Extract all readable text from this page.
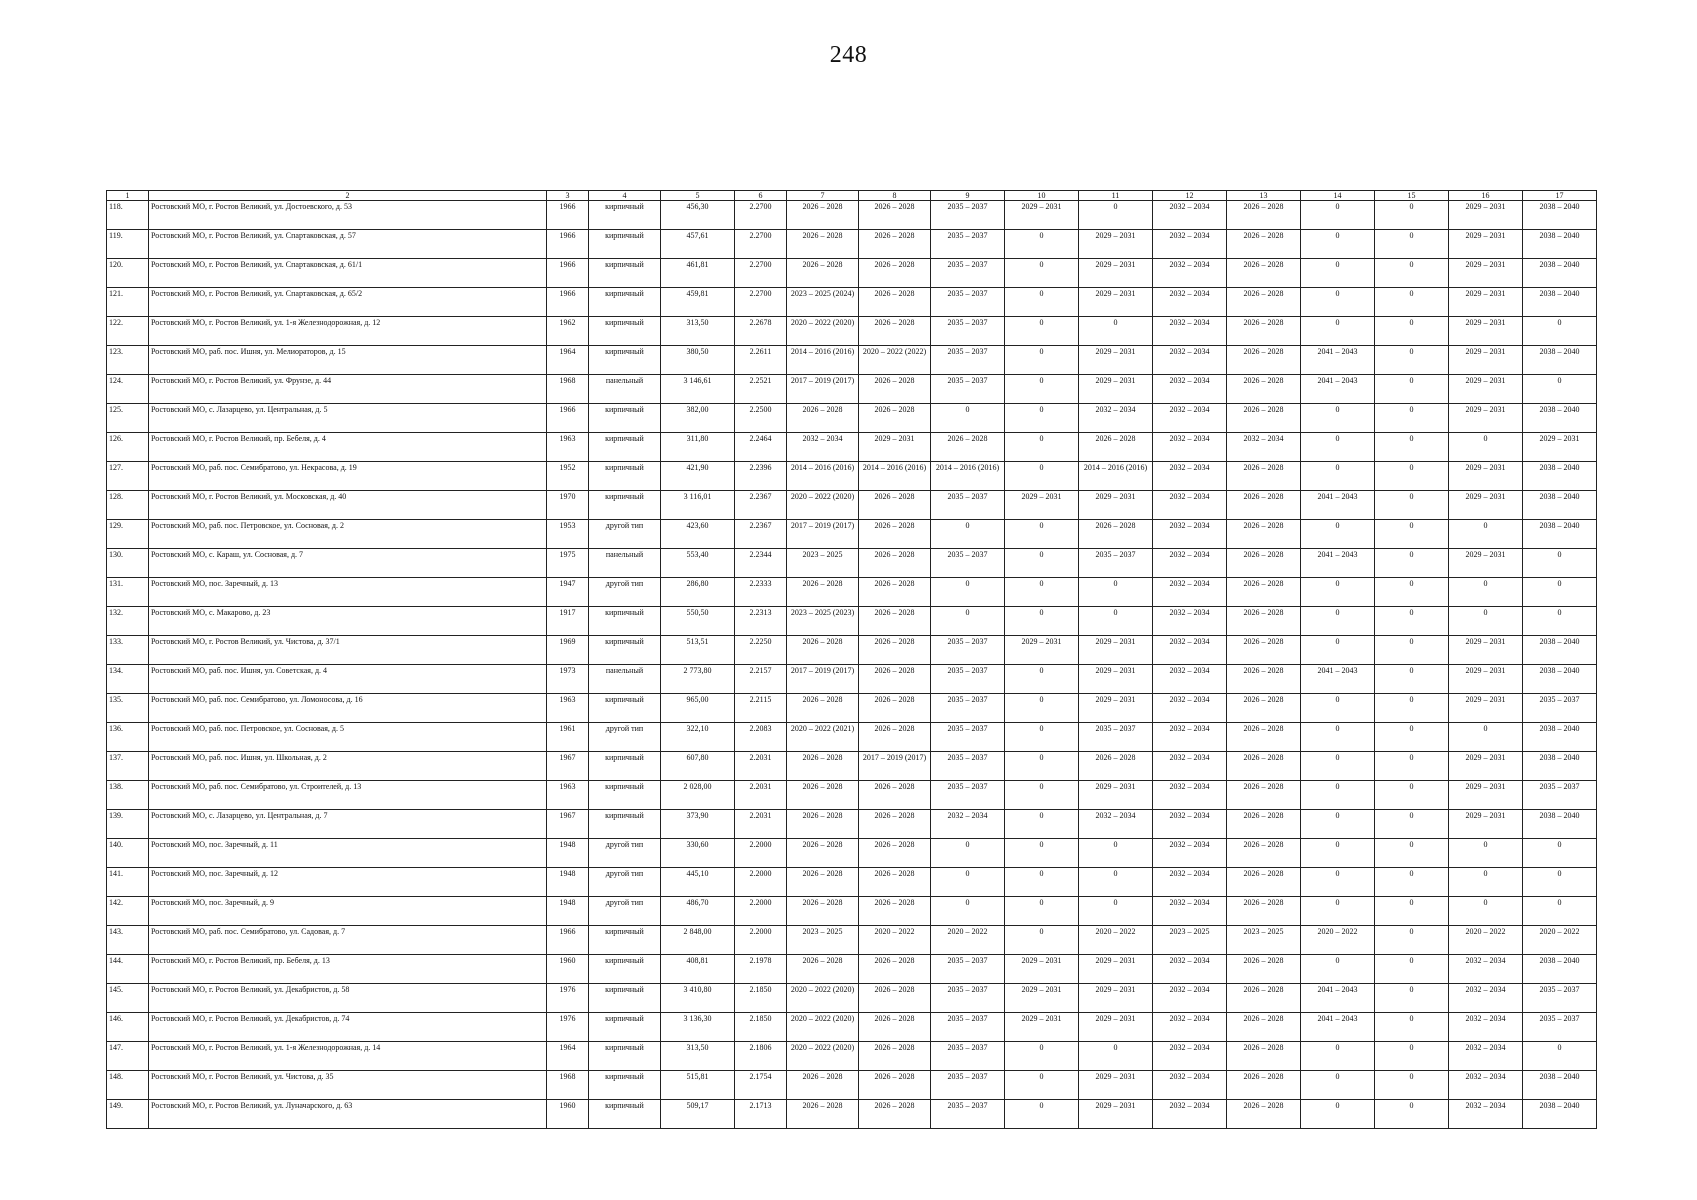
248
1	2	3	4	5	6	7	8	9	10	11	12	13	14	15	16	17
118.	Ростовский МО, г. Ростов Великий, ул. Достоевского, д. 53	1966	кирпичный	456,30	2.2700	2026 – 2028	2026 – 2028	2035 – 2037	2029 – 2031	0	2032 – 2034	2026 – 2028	0	0	2029 – 2031	2038 – 2040
119.	Ростовский МО, г. Ростов Великий, ул. Спартаковская, д. 57	1966	кирпичный	457,61	2.2700	2026 – 2028	2026 – 2028	2035 – 2037	0	2029 – 2031	2032 – 2034	2026 – 2028	0	0	2029 – 2031	2038 – 2040
120.	Ростовский МО, г. Ростов Великий, ул. Спартаковская, д. 61/1	1966	кирпичный	461,81	2.2700	2026 – 2028	2026 – 2028	2035 – 2037	0	2029 – 2031	2032 – 2034	2026 – 2028	0	0	2029 – 2031	2038 – 2040
121.	Ростовский МО, г. Ростов Великий, ул. Спартаковская, д. 65/2	1966	кирпичный	459,81	2.2700	2023 – 2025 (2024)	2026 – 2028	2035 – 2037	0	2029 – 2031	2032 – 2034	2026 – 2028	0	0	2029 – 2031	2038 – 2040
122.	Ростовский МО, г. Ростов Великий, ул. 1-я Железнодорожная, д. 12	1962	кирпичный	313,50	2.2678	2020 – 2022 (2020)	2026 – 2028	2035 – 2037	0	0	2032 – 2034	2026 – 2028	0	0	2029 – 2031	0
123.	Ростовский МО, раб. пос. Ишня, ул. Мелиораторов, д. 15	1964	кирпичный	380,50	2.2611	2014 – 2016 (2016)	2020 – 2022 (2022)	2035 – 2037	0	2029 – 2031	2032 – 2034	2026 – 2028	2041 – 2043	0	2029 – 2031	2038 – 2040
124.	Ростовский МО, г. Ростов Великий, ул. Фрунзе, д. 44	1968	панельный	3 146,61	2.2521	2017 – 2019 (2017)	2026 – 2028	2035 – 2037	0	2029 – 2031	2032 – 2034	2026 – 2028	2041 – 2043	0	2029 – 2031	0
125.	Ростовский МО, с. Лазарцево, ул. Центральная, д. 5	1966	кирпичный	382,00	2.2500	2026 – 2028	2026 – 2028	0	0	2032 – 2034	2032 – 2034	2026 – 2028	0	0	2029 – 2031	2038 – 2040
126.	Ростовский МО, г. Ростов Великий, пр. Бебеля, д. 4	1963	кирпичный	311,80	2.2464	2032 – 2034	2029 – 2031	2026 – 2028	0	2026 – 2028	2032 – 2034	2032 – 2034	0	0	0	2029 – 2031
127.	Ростовский МО, раб. пос. Семибратово, ул. Некрасова, д. 19	1952	кирпичный	421,90	2.2396	2014 – 2016 (2016)	2014 – 2016 (2016)	2014 – 2016 (2016)	0	2014 – 2016 (2016)	2032 – 2034	2026 – 2028	0	0	2029 – 2031	2038 – 2040
128.	Ростовский МО, г. Ростов Великий, ул. Московская, д. 40	1970	кирпичный	3 116,01	2.2367	2020 – 2022 (2020)	2026 – 2028	2035 – 2037	2029 – 2031	2029 – 2031	2032 – 2034	2026 – 2028	2041 – 2043	0	2029 – 2031	2038 – 2040
129.	Ростовский МО, раб. пос. Петровское, ул. Сосновая, д. 2	1953	другой тип	423,60	2.2367	2017 – 2019 (2017)	2026 – 2028	0	0	2026 – 2028	2032 – 2034	2026 – 2028	0	0	0	2038 – 2040
130.	Ростовский МО, с. Караш, ул. Сосновая, д. 7	1975	панельный	553,40	2.2344	2023 – 2025	2026 – 2028	2035 – 2037	0	2035 – 2037	2032 – 2034	2026 – 2028	2041 – 2043	0	2029 – 2031	0
131.	Ростовский МО, пос. Заречный, д. 13	1947	другой тип	286,80	2.2333	2026 – 2028	2026 – 2028	0	0	0	2032 – 2034	2026 – 2028	0	0	0	0
132.	Ростовский МО, с. Макарово, д. 23	1917	кирпичный	550,50	2.2313	2023 – 2025 (2023)	2026 – 2028	0	0	0	2032 – 2034	2026 – 2028	0	0	0	0
133.	Ростовский МО, г. Ростов Великий, ул. Чистова, д. 37/1	1969	кирпичный	513,51	2.2250	2026 – 2028	2026 – 2028	2035 – 2037	2029 – 2031	2029 – 2031	2032 – 2034	2026 – 2028	0	0	2029 – 2031	2038 – 2040
134.	Ростовский МО, раб. пос. Ишня, ул. Советская, д. 4	1973	панельный	2 773,80	2.2157	2017 – 2019 (2017)	2026 – 2028	2035 – 2037	0	2029 – 2031	2032 – 2034	2026 – 2028	2041 – 2043	0	2029 – 2031	2038 – 2040
135.	Ростовский МО, раб. пос. Семибратово, ул. Ломоносова, д. 16	1963	кирпичный	965,00	2.2115	2026 – 2028	2026 – 2028	2035 – 2037	0	2029 – 2031	2032 – 2034	2026 – 2028	0	0	2029 – 2031	2035 – 2037
136.	Ростовский МО, раб. пос. Петровское, ул. Сосновая, д. 5	1961	другой тип	322,10	2.2083	2020 – 2022 (2021)	2026 – 2028	2035 – 2037	0	2035 – 2037	2032 – 2034	2026 – 2028	0	0	0	2038 – 2040
137.	Ростовский МО, раб. пос. Ишня, ул. Школьная, д. 2	1967	кирпичный	607,80	2.2031	2026 – 2028	2017 – 2019 (2017)	2035 – 2037	0	2026 – 2028	2032 – 2034	2026 – 2028	0	0	2029 – 2031	2038 – 2040
138.	Ростовский МО, раб. пос. Семибратово, ул. Строителей, д. 13	1963	кирпичный	2 028,00	2.2031	2026 – 2028	2026 – 2028	2035 – 2037	0	2029 – 2031	2032 – 2034	2026 – 2028	0	0	2029 – 2031	2035 – 2037
139.	Ростовский МО, с. Лазарцево, ул. Центральная, д. 7	1967	кирпичный	373,90	2.2031	2026 – 2028	2026 – 2028	2032 – 2034	0	2032 – 2034	2032 – 2034	2026 – 2028	0	0	2029 – 2031	2038 – 2040
140.	Ростовский МО, пос. Заречный, д. 11	1948	другой тип	330,60	2.2000	2026 – 2028	2026 – 2028	0	0	0	2032 – 2034	2026 – 2028	0	0	0	0
141.	Ростовский МО, пос. Заречный, д. 12	1948	другой тип	445,10	2.2000	2026 – 2028	2026 – 2028	0	0	0	2032 – 2034	2026 – 2028	0	0	0	0
142.	Ростовский МО, пос. Заречный, д. 9	1948	другой тип	486,70	2.2000	2026 – 2028	2026 – 2028	0	0	0	2032 – 2034	2026 – 2028	0	0	0	0
143.	Ростовский МО, раб. пос. Семибратово, ул. Садовая, д. 7	1966	кирпичный	2 848,00	2.2000	2023 – 2025	2020 – 2022	2020 – 2022	0	2020 – 2022	2023 – 2025	2023 – 2025	2020 – 2022	0	2020 – 2022	2020 – 2022
144.	Ростовский МО, г. Ростов Великий, пр. Бебеля, д. 13	1960	кирпичный	408,81	2.1978	2026 – 2028	2026 – 2028	2035 – 2037	2029 – 2031	2029 – 2031	2032 – 2034	2026 – 2028	0	0	2032 – 2034	2038 – 2040
145.	Ростовский МО, г. Ростов Великий, ул. Декабристов, д. 58	1976	кирпичный	3 410,80	2.1850	2020 – 2022 (2020)	2026 – 2028	2035 – 2037	2029 – 2031	2029 – 2031	2032 – 2034	2026 – 2028	2041 – 2043	0	2032 – 2034	2035 – 2037
146.	Ростовский МО, г. Ростов Великий, ул. Декабристов, д. 74	1976	кирпичный	3 136,30	2.1850	2020 – 2022 (2020)	2026 – 2028	2035 – 2037	2029 – 2031	2029 – 2031	2032 – 2034	2026 – 2028	2041 – 2043	0	2032 – 2034	2035 – 2037
147.	Ростовский МО, г. Ростов Великий, ул. 1-я Железнодорожная, д. 14	1964	кирпичный	313,50	2.1806	2020 – 2022 (2020)	2026 – 2028	2035 – 2037	0	0	2032 – 2034	2026 – 2028	0	0	2032 – 2034	0
148.	Ростовский МО, г. Ростов Великий, ул. Чистова, д. 35	1968	кирпичный	515,81	2.1754	2026 – 2028	2026 – 2028	2035 – 2037	0	2029 – 2031	2032 – 2034	2026 – 2028	0	0	2032 – 2034	2038 – 2040
149.	Ростовский МО, г. Ростов Великий, ул. Луначарского, д. 63	1960	кирпичный	509,17	2.1713	2026 – 2028	2026 – 2028	2035 – 2037	0	2029 – 2031	2032 – 2034	2026 – 2028	0	0	2032 – 2034	2038 – 2040
